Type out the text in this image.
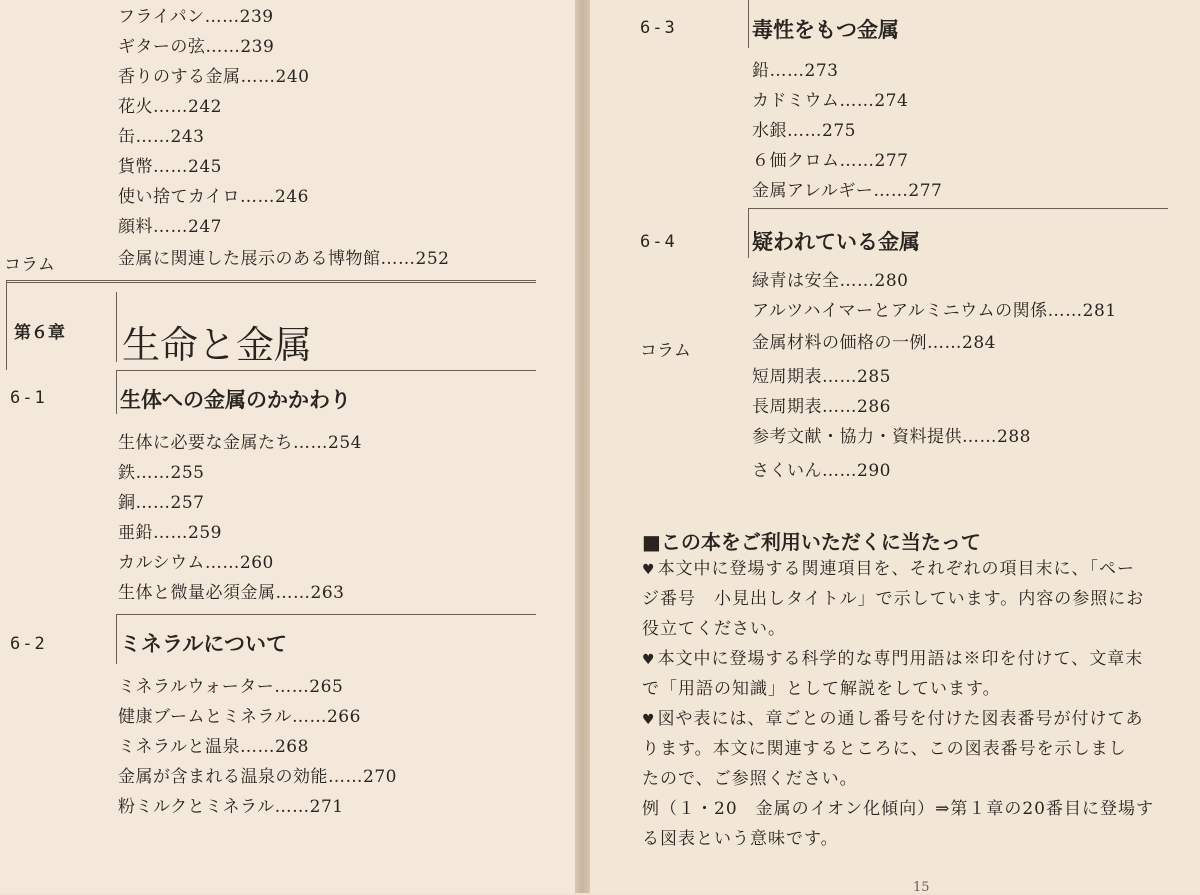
フライパン……239
ギターの弦……239
香りのする金属……240
花火……242
缶……243
貨幣……245
使い捨てカイロ……246
顔料……247
コラム	金属に関連した展示のある博物館……252
第６章 生命と金属
6-1	生体への金属のかかわり
生体に必要な金属たち……254
鉄……255
銅……257
亜鉛……259
カルシウム……260
生体と微量必須金属……263
6-2	ミネラルについて
ミネラルウォーター……265
健康ブームとミネラル……266
ミネラルと温泉……268
金属が含まれる温泉の効能……270
粉ミルクとミネラル……271
6-3	毒性をもつ金属
鉛……273
カドミウム……274
水銀……275
６価クロム……277
金属アレルギー……277
6-4	疑われている金属
緑青は安全……280
アルツハイマーとアルミニウムの関係……281
コラム	金属材料の価格の一例……284
短周期表……285
長周期表……286
参考文献・協力・資料提供……288
さくいん……290
■この本をご利用いただくに当たって
♥ 本文中に登場する関連項目を、それぞれの項目末に、「ペー
ジ番号　小見出しタイトル」で示しています。内容の参照にお
役立てください。
♥ 本文中に登場する科学的な専門用語は※印を付けて、文章末
で「用語の知識」として解説をしています。
♥ 図や表には、章ごとの通し番号を付けた図表番号が付けてあ
ります。本文に関連するところに、この図表番号を示しまし
たので、ご参照ください。
例（１・20　金属のイオン化傾向）⇒第１章の20番目に登場す
る図表という意味です。
15
